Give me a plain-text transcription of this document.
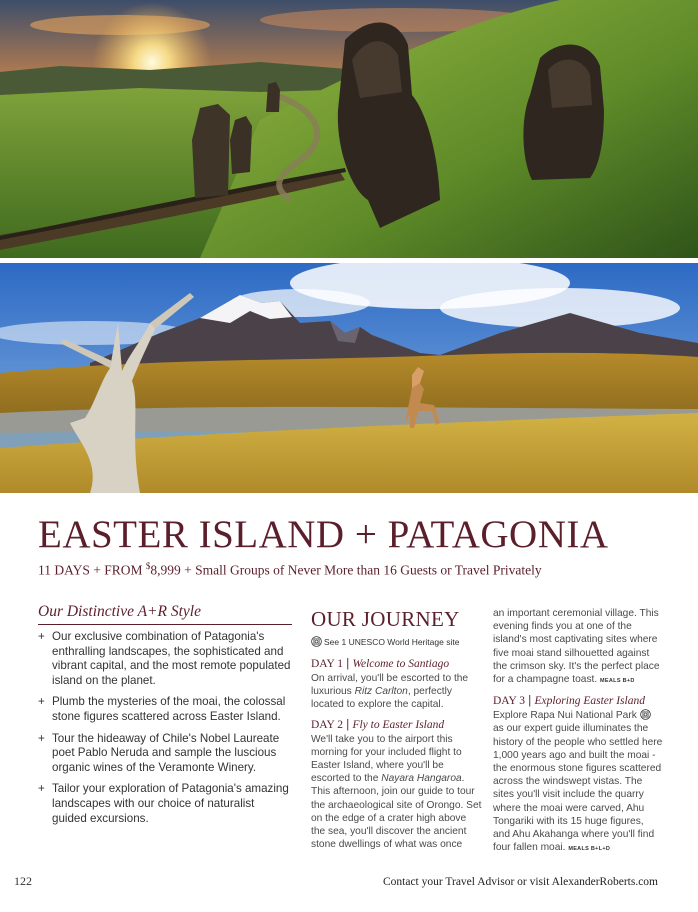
EASTER ISLAND + PATAGONIA
11 DAYS + FROM $8,999 + Small Groups of Never More than 16 Guests or Travel Privately
Our Distinctive A+R Style
+ Our exclusive combination of Patagonia's enthralling landscapes, the sophisticated and vibrant capital, and the most remote populated island on the planet.
+ Plumb the mysteries of the moai, the colossal stone figures scattered across Easter Island.
+ Tour the hideaway of Chile's Nobel Laureate poet Pablo Neruda and sample the luscious organic wines of the Veramonte Winery.
+ Tailor your exploration of Patagonia's amazing landscapes with our choice of naturalist guided excursions.
OUR JOURNEY
See 1 UNESCO World Heritage site
DAY 1 | Welcome to Santiago

On arrival, you'll be escorted to the luxurious Ritz Carlton, perfectly located to explore the capital.

DAY 2 | Fly to Easter Island

We'll take you to the airport this morning for your included flight to Easter Island, where you'll be escorted to the Nayara Hangaroa. This afternoon, join our guide to tour the archaeological site of Orongo. Set on the edge of a crater high above the sea, you'll discover the ancient stone dwellings of what was once

an important ceremonial village. This evening finds you at one of the island's most captivating sites where five moai stand silhouetted against the crimson sky. It's the perfect place for a champagne toast. MEALS B+D

DAY 3 | Exploring Easter Island

Explore Rapa Nui National Park  as our expert guide illuminates the history of the people who settled here 1,000 years ago and built the moai - the enormous stone figures scattered across the windswept vistas. The sites you'll visit include the quarry where the moai were carved, Ahu Tongariki with its 15 huge figures, and Ahu Akahanga where you'll find four fallen moai. MEALS B+L+D

122	Contact your Travel Advisor or visit AlexanderRoberts.com
